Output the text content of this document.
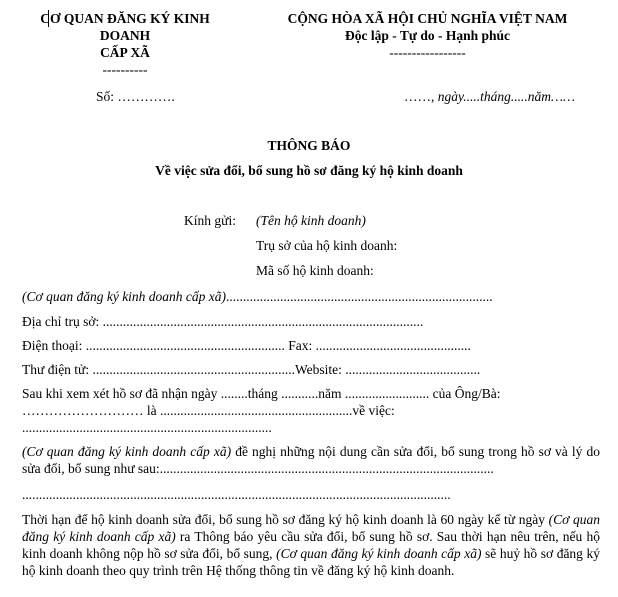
CƠ QUAN ĐĂNG KÝ KINH
DOANH
CẤP XÃ
----------
CỘNG HÒA XÃ HỘI CHỦ NGHĨA VIỆT NAM
Độc lập - Tự do - Hạnh phúc
-----------------
Số: ………….	……, ngày.....tháng.....năm……
THÔNG BÁO
Về việc sửa đổi, bổ sung hồ sơ đăng ký hộ kinh doanh
Kính gửi: (Tên hộ kinh doanh)
Trụ sở của hộ kinh doanh:
Mã số hộ kinh doanh:
(Cơ quan đăng ký kinh doanh cấp xã)...............................................................................
Địa chỉ trụ sở: ...............................................................................................
Điện thoại: ........................................................... Fax: ..............................................
Thư điện tử: ............................................................Website: ........................................
Sau khi xem xét hồ sơ đã nhận ngày ........tháng ...........năm ......................... của Ông/Bà:
……………………… là .........................................................về việc:
..........................................................................
(Cơ quan đăng ký kinh doanh cấp xã) đề nghị những nội dung cần sửa đổi, bổ sung trong hồ sơ và lý do sửa đổi, bổ sung như sau:...................................................................................................
...............................................................................................................................
Thời hạn để hộ kinh doanh sửa đổi, bổ sung hồ sơ đăng ký hộ kinh doanh là 60 ngày kể từ ngày (Cơ quan đăng ký kinh doanh cấp xã) ra Thông báo yêu cầu sửa đổi, bổ sung hồ sơ. Sau thời hạn nêu trên, nếu hộ kinh doanh không nộp hồ sơ sửa đổi, bổ sung, (Cơ quan đăng ký kinh doanh cấp xã) sẽ huỷ hồ sơ đăng ký hộ kinh doanh theo quy trình trên Hệ thống thông tin về đăng ký hộ kinh doanh.
